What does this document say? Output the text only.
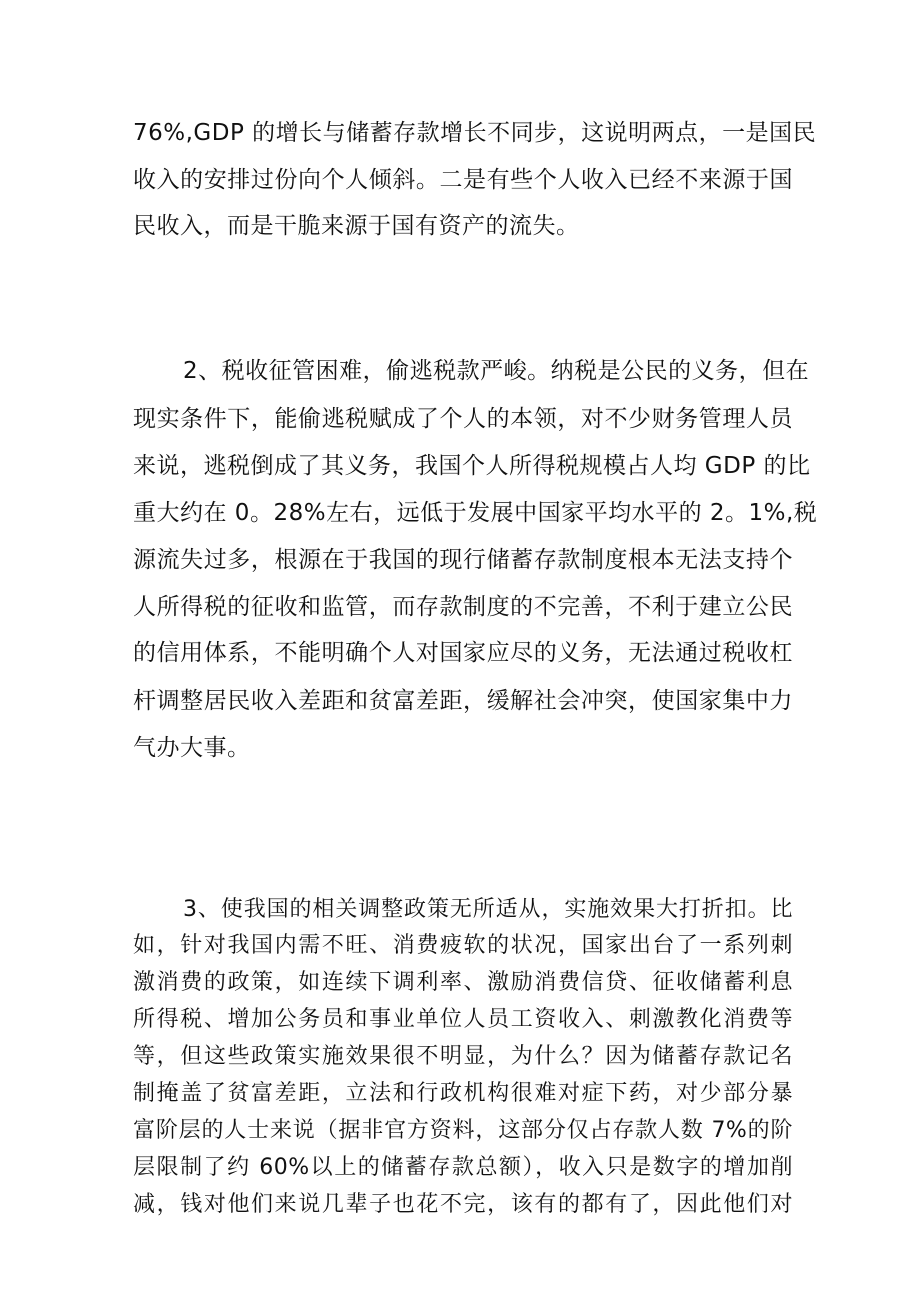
76%,GDP 的增长与储蓄存款增长不同步，这说明两点，一是国民
收入的安排过份向个人倾斜。二是有些个人收入已经不来源于国
民收入，而是干脆来源于国有资产的流失。
2、税收征管困难，偷逃税款严峻。纳税是公民的义务，但在
现实条件下，能偷逃税赋成了个人的本领，对不少财务管理人员
来说，逃税倒成了其义务，我国个人所得税规模占人均 GDP 的比
重大约在 0。28%左右，远低于发展中国家平均水平的 2。1%,税
源流失过多，根源在于我国的现行储蓄存款制度根本无法支持个
人所得税的征收和监管，而存款制度的不完善，不利于建立公民
的信用体系，不能明确个人对国家应尽的义务，无法通过税收杠
杆调整居民收入差距和贫富差距，缓解社会冲突，使国家集中力
气办大事。
3、使我国的相关调整政策无所适从，实施效果大打折扣。比
如，针对我国内需不旺、消费疲软的状况，国家出台了一系列刺
激消费的政策，如连续下调利率、激励消费信贷、征收储蓄利息
所得税、增加公务员和事业单位人员工资收入、刺激教化消费等
等，但这些政策实施效果很不明显，为什么？因为储蓄存款记名
制掩盖了贫富差距，立法和行政机构很难对症下药，对少部分暴
富阶层的人士来说（据非官方资料，这部分仅占存款人数 7%的阶
层限制了约 60%以上的储蓄存款总额），收入只是数字的增加削
减，钱对他们来说几辈子也花不完，该有的都有了，因此他们对
